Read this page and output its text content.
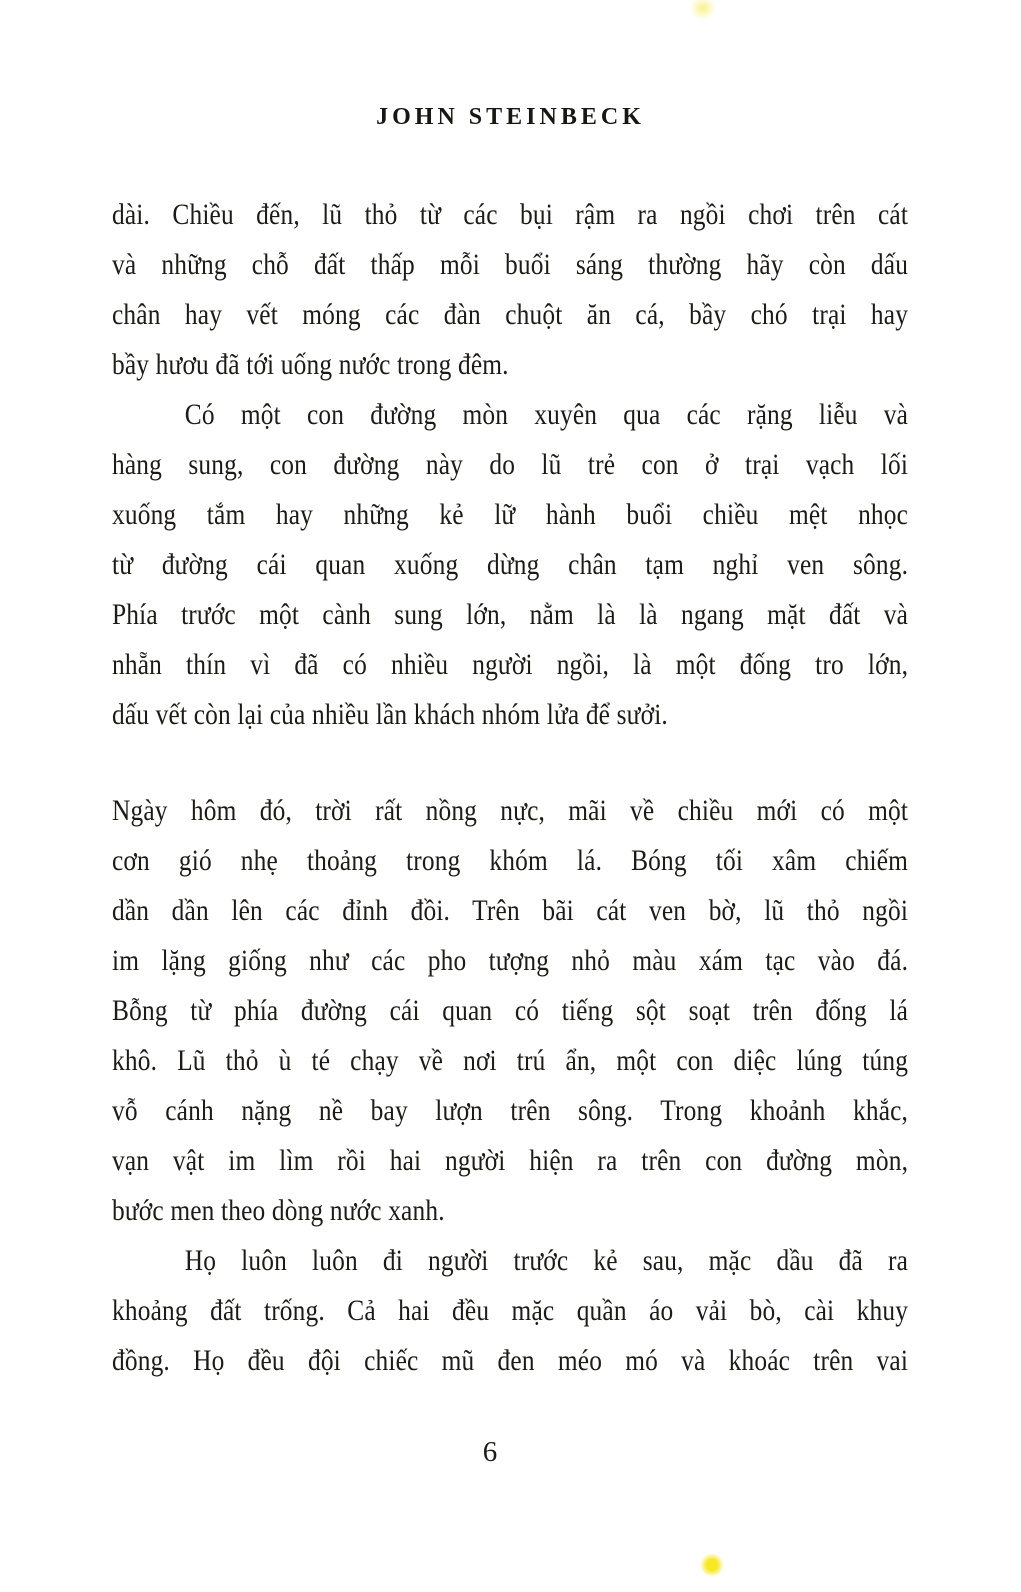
JOHN STEINBECK
dài. Chiều đến, lũ thỏ từ các bụi rậm ra ngồi chơi trên cát
và những chỗ đất thấp mỗi buổi sáng thường hãy còn dấu
chân hay vết móng các đàn chuột ăn cá, bầy chó trại hay
bầy hươu đã tới uống nước trong đêm.
Có một con đường mòn xuyên qua các rặng liễu và
hàng sung, con đường này do lũ trẻ con ở trại vạch lối
xuống tắm hay những kẻ lữ hành buổi chiều mệt nhọc
từ đường cái quan xuống dừng chân tạm nghỉ ven sông.
Phía trước một cành sung lớn, nằm là là ngang mặt đất và
nhẵn thín vì đã có nhiều người ngồi, là một đống tro lớn,
dấu vết còn lại của nhiều lần khách nhóm lửa để sưởi.
Ngày hôm đó, trời rất nồng nực, mãi về chiều mới có một
cơn gió nhẹ thoảng trong khóm lá. Bóng tối xâm chiếm
dần dần lên các đỉnh đồi. Trên bãi cát ven bờ, lũ thỏ ngồi
im lặng giống như các pho tượng nhỏ màu xám tạc vào đá.
Bỗng từ phía đường cái quan có tiếng sột soạt trên đống lá
khô. Lũ thỏ ù té chạy về nơi trú ẩn, một con diệc lúng túng
vỗ cánh nặng nề bay lượn trên sông. Trong khoảnh khắc,
vạn vật im lìm rồi hai người hiện ra trên con đường mòn,
bước men theo dòng nước xanh.
Họ luôn luôn đi người trước kẻ sau, mặc dầu đã ra
khoảng đất trống. Cả hai đều mặc quần áo vải bò, cài khuy
đồng. Họ đều đội chiếc mũ đen méo mó và khoác trên vai
6
